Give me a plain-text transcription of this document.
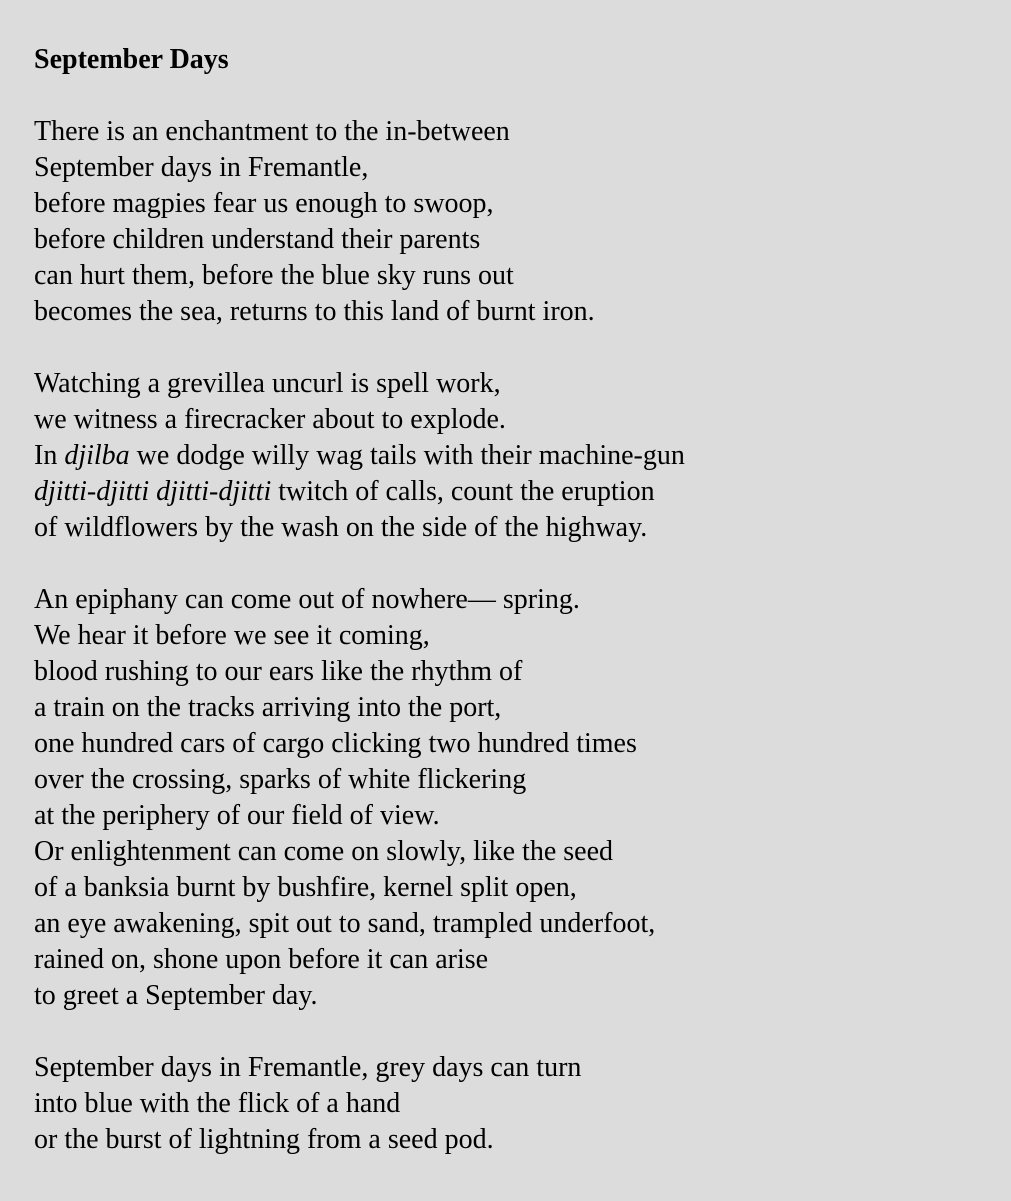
September Days
There is an enchantment to the in-between
September days in Fremantle,
before magpies fear us enough to swoop,
before children understand their parents
can hurt them, before the blue sky runs out
becomes the sea, returns to this land of burnt iron.
Watching a grevillea uncurl is spell work,
we witness a firecracker about to explode.
In djilba we dodge willy wag tails with their machine-gun
djitti-djitti djitti-djitti twitch of calls, count the eruption
of wildflowers by the wash on the side of the highway.
An epiphany can come out of nowhere— spring.
We hear it before we see it coming,
blood rushing to our ears like the rhythm of
a train on the tracks arriving into the port,
one hundred cars of cargo clicking two hundred times
over the crossing, sparks of white flickering
at the periphery of our field of view.
Or enlightenment can come on slowly, like the seed
of a banksia burnt by bushfire, kernel split open,
an eye awakening, spit out to sand, trampled underfoot,
rained on, shone upon before it can arise
to greet a September day.
September days in Fremantle, grey days can turn
into blue with the flick of a hand
or the burst of lightning from a seed pod.
